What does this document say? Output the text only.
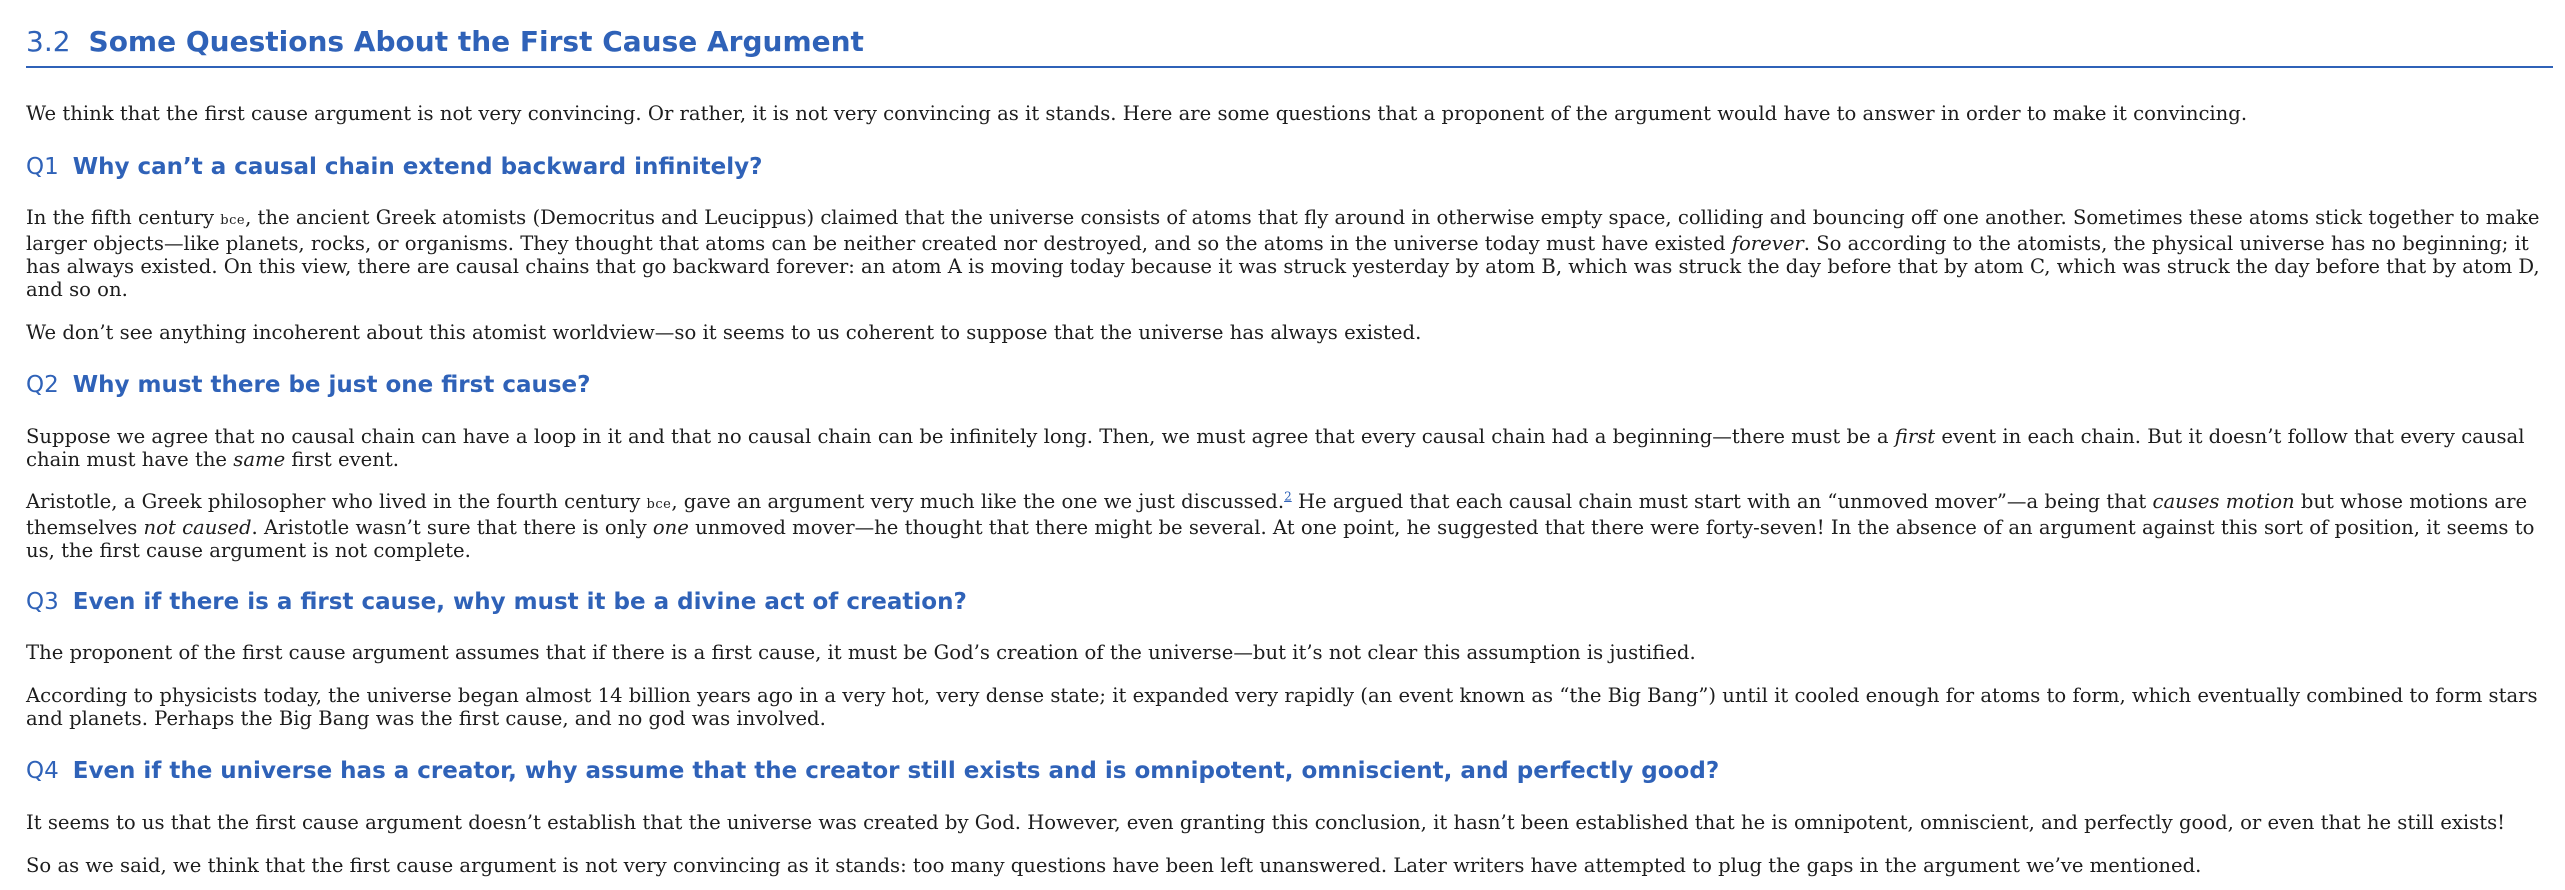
3.2 Some Questions About the First Cause Argument

We think that the first cause argument is not very convincing. Or rather, it is not very convincing as it stands. Here are some questions that a proponent of the argument would have to answer in order to make it convincing.

Q1 Why can’t a causal chain extend backward infinitely?

In the fifth century bce, the ancient Greek atomists (Democritus and Leucippus) claimed that the universe consists of atoms that fly around in otherwise empty space, colliding and bouncing off one another. Sometimes these atoms stick together to make larger objects—like planets, rocks, or organisms. They thought that atoms can be neither created nor destroyed, and so the atoms in the universe today must have existed forever. So according to the atomists, the physical universe has no beginning; it has always existed. On this view, there are causal chains that go backward forever: an atom A is moving today because it was struck yesterday by atom B, which was struck the day before that by atom C, which was struck the day before that by atom D, and so on.

We don’t see anything incoherent about this atomist worldview—so it seems to us coherent to suppose that the universe has always existed.

Q2 Why must there be just one first cause?

Suppose we agree that no causal chain can have a loop in it and that no causal chain can be infinitely long. Then, we must agree that every causal chain had a beginning—there must be a first event in each chain. But it doesn’t follow that every causal chain must have the same first event.

Aristotle, a Greek philosopher who lived in the fourth century bce, gave an argument very much like the one we just discussed.$^2$ He argued that each causal chain must start with an “unmoved mover”—a being that causes motion but whose motions are themselves not caused. Aristotle wasn’t sure that there is only one unmoved mover—he thought that there might be several. At one point, he suggested that there were forty-seven! In the absence of an argument against this sort of position, it seems to us, the first cause argument is not complete.

Q3 Even if there is a first cause, why must it be a divine act of creation?

The proponent of the first cause argument assumes that if there is a first cause, it must be God’s creation of the universe—but it’s not clear this assumption is justified.

According to physicists today, the universe began almost 14 billion years ago in a very hot, very dense state; it expanded very rapidly (an event known as “the Big Bang”) until it cooled enough for atoms to form, which eventually combined to form stars and planets. Perhaps the Big Bang was the first cause, and no god was involved.

Q4 Even if the universe has a creator, why assume that the creator still exists and is omnipotent, omniscient, and perfectly good?

It seems to us that the first cause argument doesn’t establish that the universe was created by God. However, even granting this conclusion, it hasn’t been established that he is omnipotent, omniscient, and perfectly good, or even that he still exists!

So as we said, we think that the first cause argument is not very convincing as it stands: too many questions have been left unanswered. Later writers have attempted to plug the gaps in the argument we’ve mentioned.
